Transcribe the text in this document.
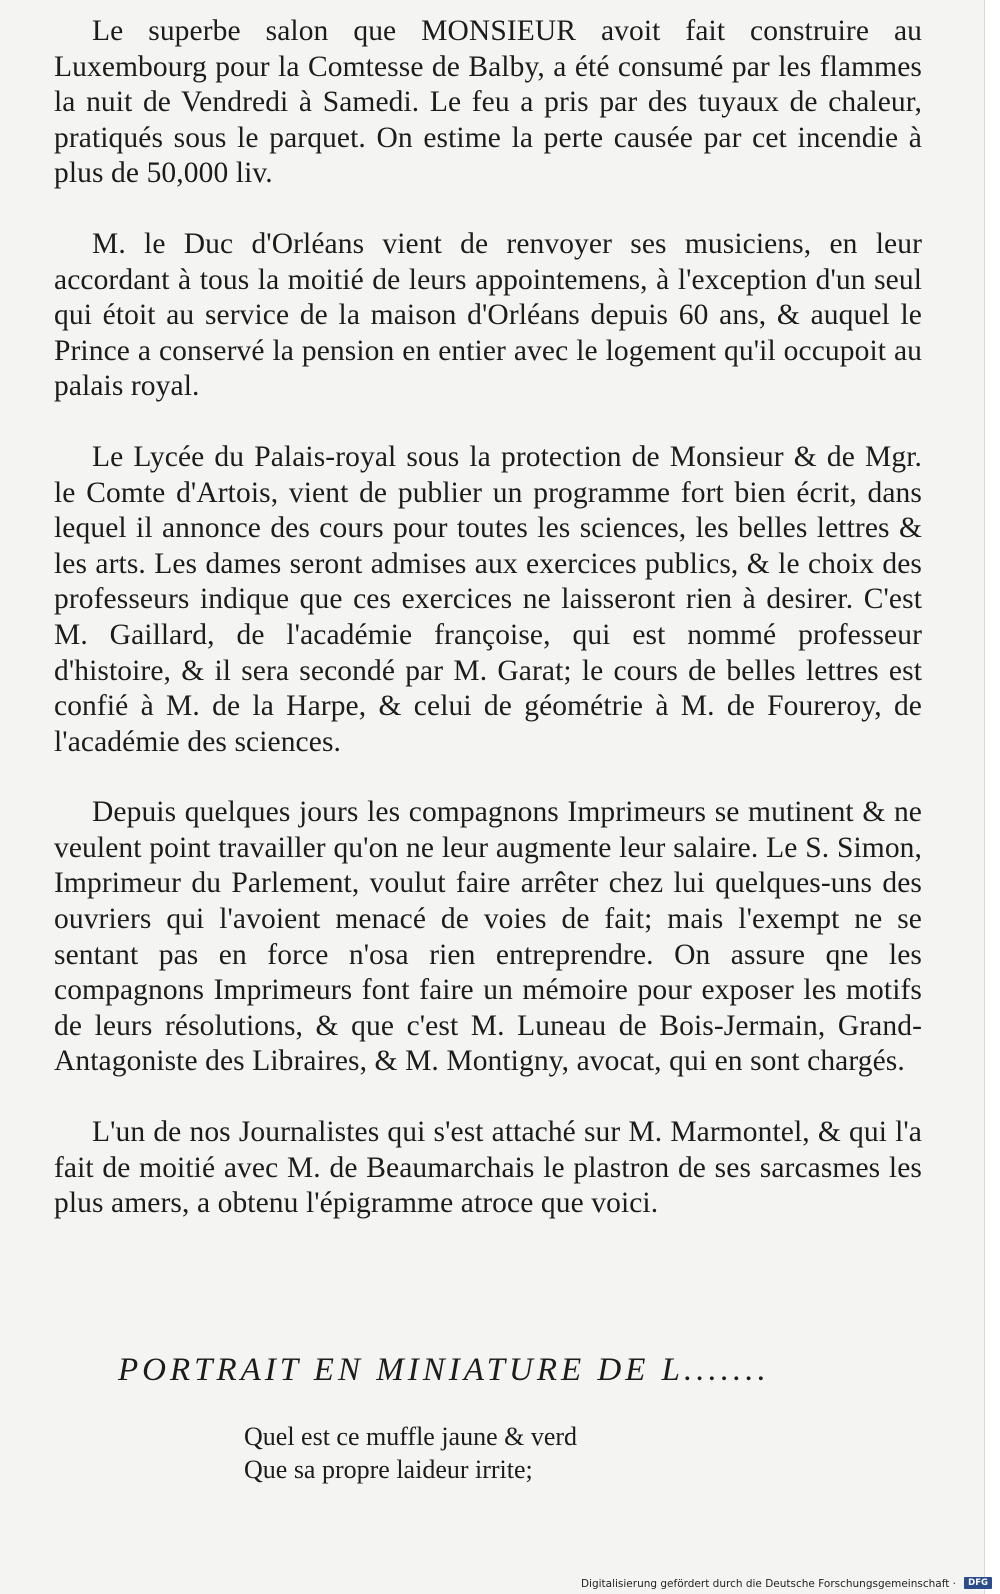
Le superbe salon que MONSIEUR avoit fait construire au Luxembourg pour la Comtesse de Balby, a été consumé par les flammes la nuit de Vendredi à Samedi. Le feu a pris par des tuyaux de chaleur, pratiqués sous le parquet. On estime la perte causée par cet incendie à plus de 50,000 liv.

M. le Duc d'Orléans vient de renvoyer ses musiciens, en leur accordant à tous la moitié de leurs appointemens, à l'exception d'un seul qui étoit au service de la maison d'Orléans depuis 60 ans, & auquel le Prince a conservé la pension en entier avec le logement qu'il occupoit au palais royal.

Le Lycée du Palais-royal sous la protection de Monsieur & de Mgr. le Comte d'Artois, vient de publier un programme fort bien écrit, dans lequel il annonce des cours pour toutes les sciences, les belles lettres & les arts. Les dames seront admises aux exercices publics, & le choix des professeurs indique que ces exercices ne laisseront rien à desirer. C'est M. Gaillard, de l'académie françoise, qui est nommé professeur d'histoire, & il sera secondé par M. Garat; le cours de belles lettres est confié à M. de la Harpe, & celui de géométrie à M. de Foureroy, de l'académie des sciences.

Depuis quelques jours les compagnons Imprimeurs se mutinent & ne veulent point travailler qu'on ne leur augmente leur salaire. Le S. Simon, Imprimeur du Parlement, voulut faire arrêter chez lui quelques-uns des ouvriers qui l'avoient menacé de voies de fait; mais l'exempt ne se sentant pas en force n'osa rien entreprendre. On assure qne les compagnons Imprimeurs font faire un mémoire pour exposer les motifs de leurs résolutions, & que c'est M. Luneau de Bois-Jermain, Grand-Antagoniste des Libraires, & M. Montigny, avocat, qui en sont chargés.

L'un de nos Journalistes qui s'est attaché sur M. Marmontel, & qui l'a fait de moitié avec M. de Beaumarchais le plastron de ses sarcasmes les plus amers, a obtenu l'épigramme atroce que voici.

PORTRAIT EN MINIATURE DE L.......
Quel est ce muffle jaune & verd
Que sa propre laideur irrite;
Digitalisierung gefördert durch die Deutsche Forschungsgemeinschaft ·	DFG
